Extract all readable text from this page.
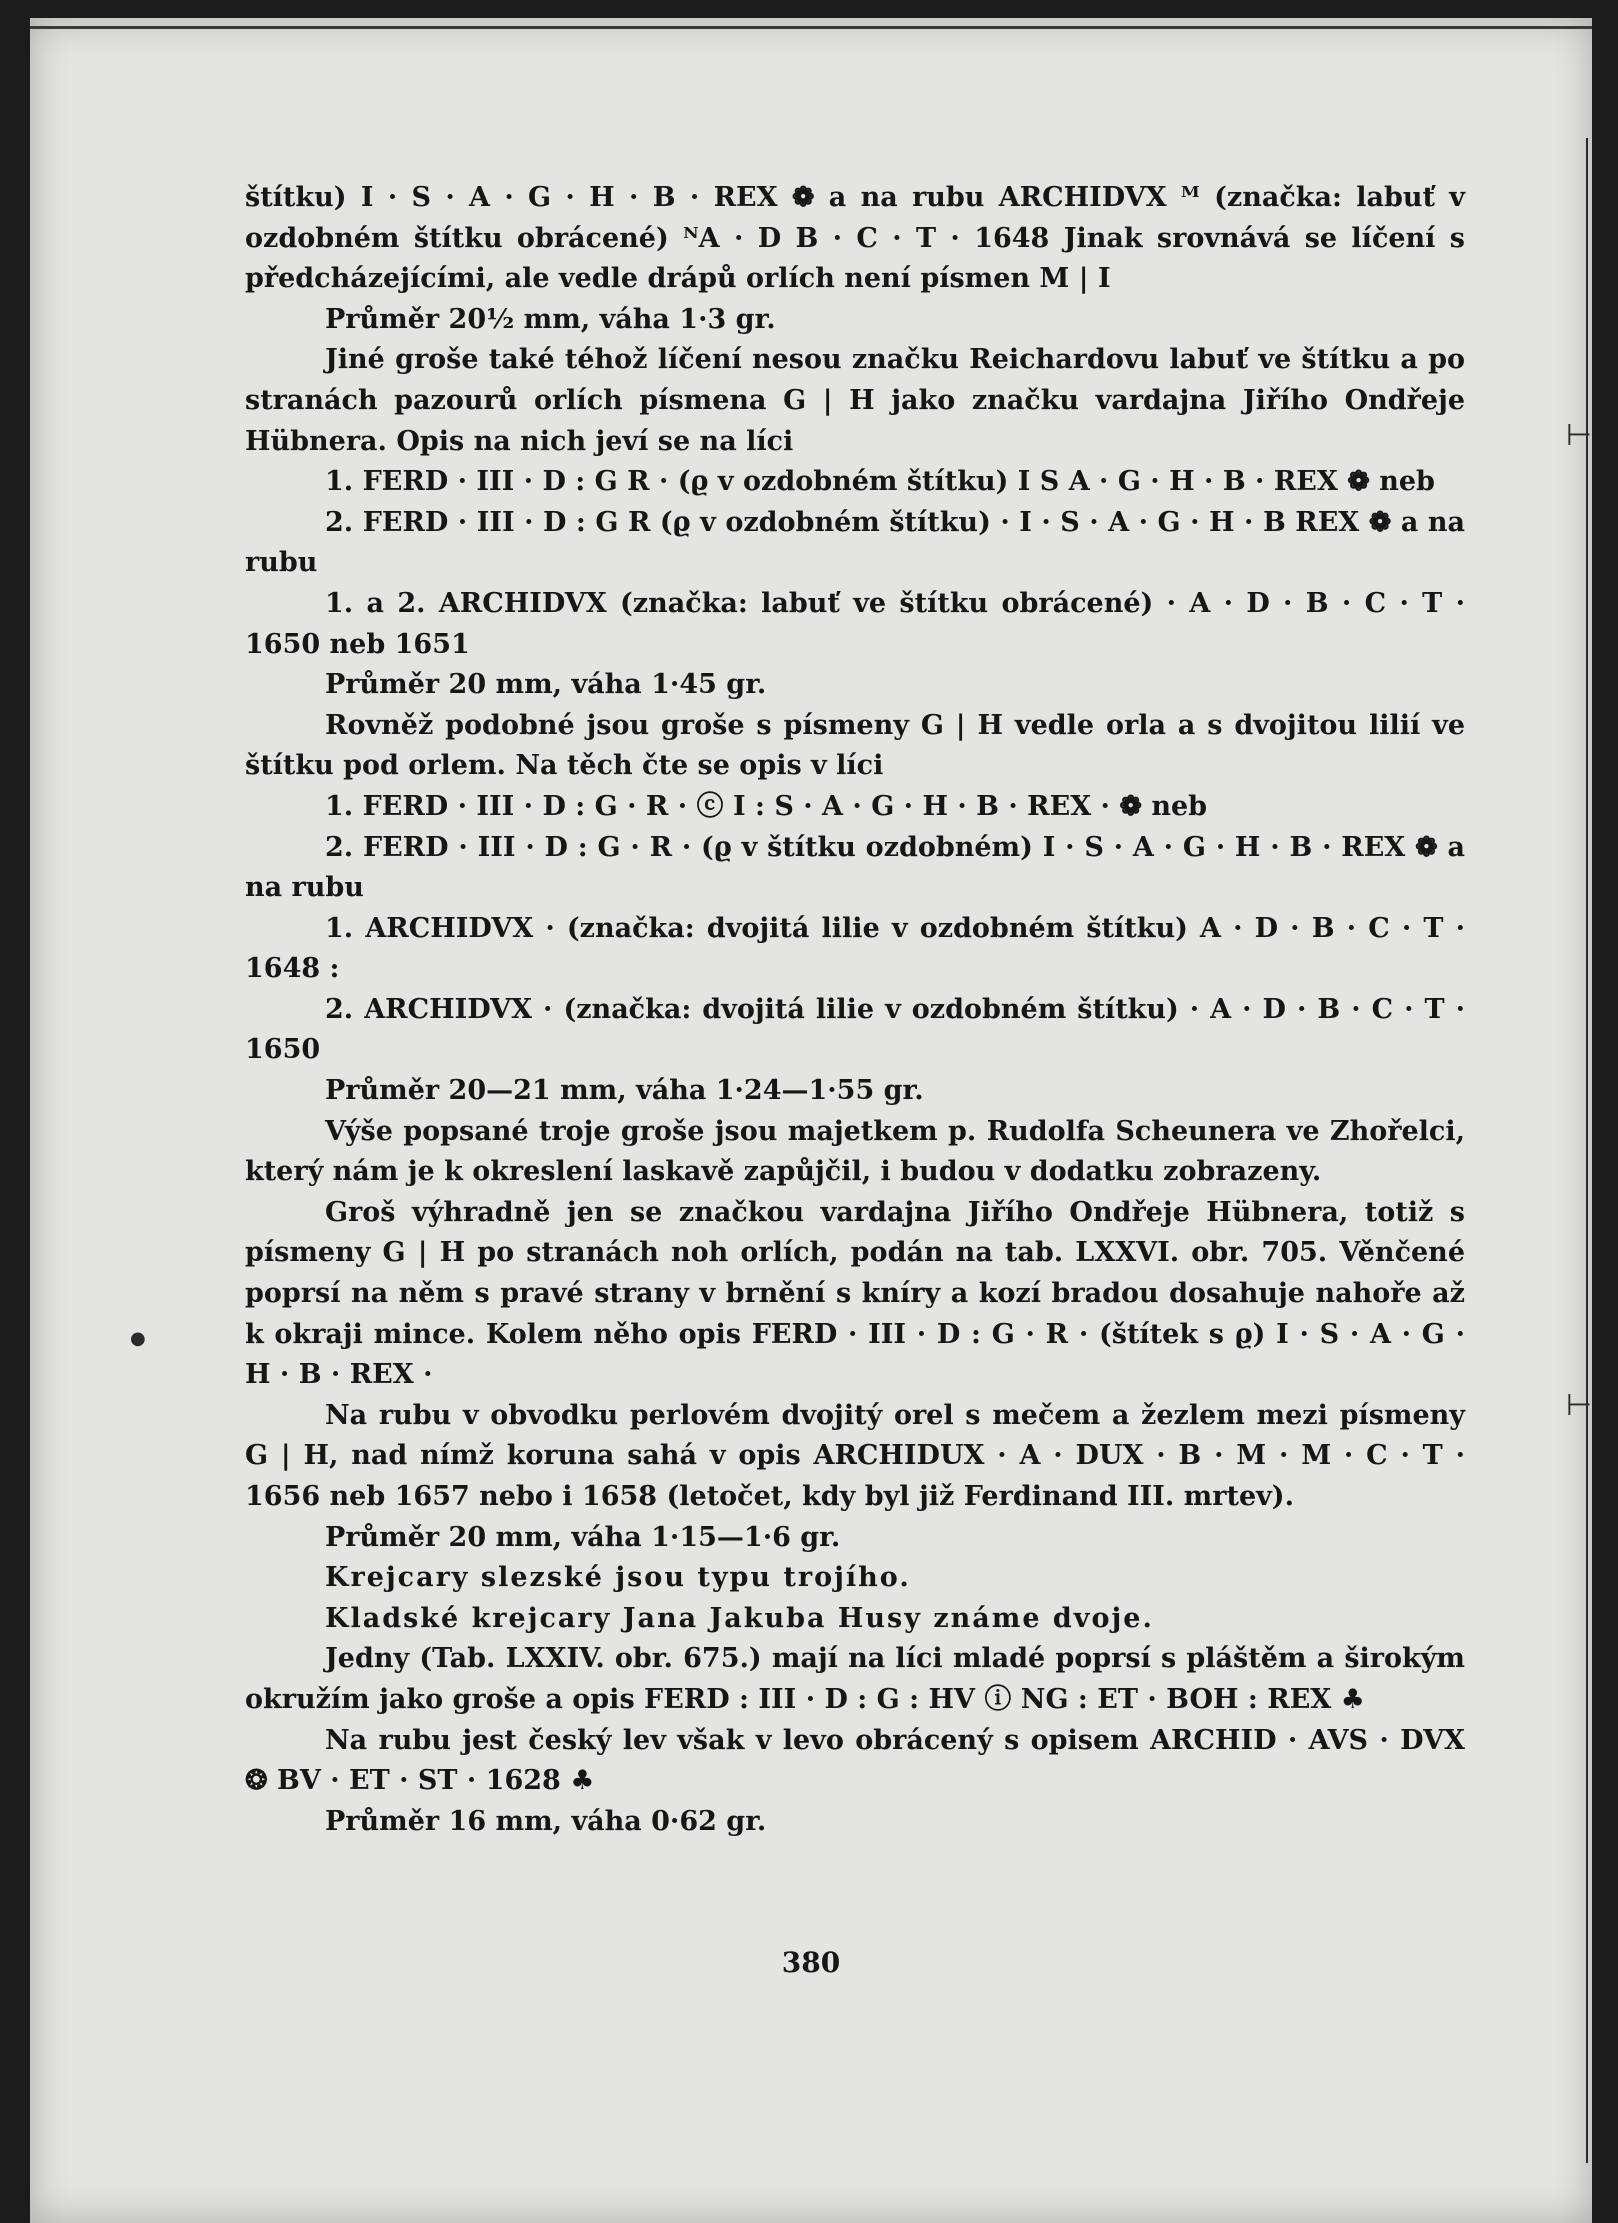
⊢
⊢
●

štítku) I · S · A · G · H · B · REX ❁ a na rubu ARCHIDVX ᴹ (značka: labuť v ozdobném štítku obrácené) ᴺA · D B · C · T · 1648 Jinak srovnává se líčení s předcházejícími, ale vedle drápů orlích není písmen M | I

Průměr 20½ mm, váha 1·3 gr.

Jiné groše také téhož líčení nesou značku Reichardovu labuť ve štítku a po stranách pazourů orlích písmena G | H jako značku vardajna Jiřího Ondřeje Hübnera. Opis na nich jeví se na líci

1. FERD · III · D : G R · (ϱ v ozdobném štítku) I S A · G · H · B · REX ❁ neb

2. FERD · III · D : G R (ϱ v ozdobném štítku) · I · S · A · G · H · B REX ❁ a na rubu

1. a 2. ARCHIDVX (značka: labuť ve štítku obrácené) · A · D · B · C · T · 1650 neb 1651

Průměr 20 mm, váha 1·45 gr.

Rovněž podobné jsou groše s písmeny G | H vedle orla a s dvojitou lilií ve štítku pod orlem. Na těch čte se opis v líci

1. FERD · III · D : G · R · ⓒ I : S · A · G · H · B · REX · ❁ neb

2. FERD · III · D : G · R · (ϱ v štítku ozdobném) I · S · A · G · H · B · REX ❁ a na rubu

1. ARCHIDVX · (značka: dvojitá lilie v ozdobném štítku) A · D · B · C · T · 1648 :

2. ARCHIDVX · (značka: dvojitá lilie v ozdobném štítku) · A · D · B · C · T · 1650

Průměr 20—21 mm, váha 1·24—1·55 gr.

Výše popsané troje groše jsou majetkem p. Rudolfa Scheunera ve Zhořelci, který nám je k okreslení laskavě zapůjčil, i budou v dodatku zobrazeny.

Groš výhradně jen se značkou vardajna Jiřího Ondřeje Hübnera, totiž s písmeny G | H po stranách noh orlích, podán na tab. LXXVI. obr. 705. Věnčené poprsí na něm s pravé strany v brnění s kníry a kozí bradou dosahuje nahoře až k okraji mince. Kolem něho opis FERD · III · D : G · R · (štítek s ϱ) I · S · A · G · H · B · REX ·

Na rubu v obvodku perlovém dvojitý orel s mečem a žezlem mezi písmeny G | H, nad nímž koruna sahá v opis ARCHIDUX · A · DUX · B · M · M · C · T · 1656 neb 1657 nebo i 1658 (letočet, kdy byl již Ferdinand III. mrtev).

Průměr 20 mm, váha 1·15—1·6 gr.

Krejcary slezské jsou typu trojího.

Kladské krejcary Jana Jakuba Husy známe dvoje.

Jedny (Tab. LXXIV. obr. 675.) mají na líci mladé poprsí s pláštěm a širokým okružím jako groše a opis FERD : III · D : G : HV ⓘ NG : ET · BOH : REX ♣

Na rubu jest český lev však v levo obrácený s opisem ARCHID · AVS · DVX ❂ BV · ET · ST · 1628 ♣

Průměr 16 mm, váha 0·62 gr.

380
